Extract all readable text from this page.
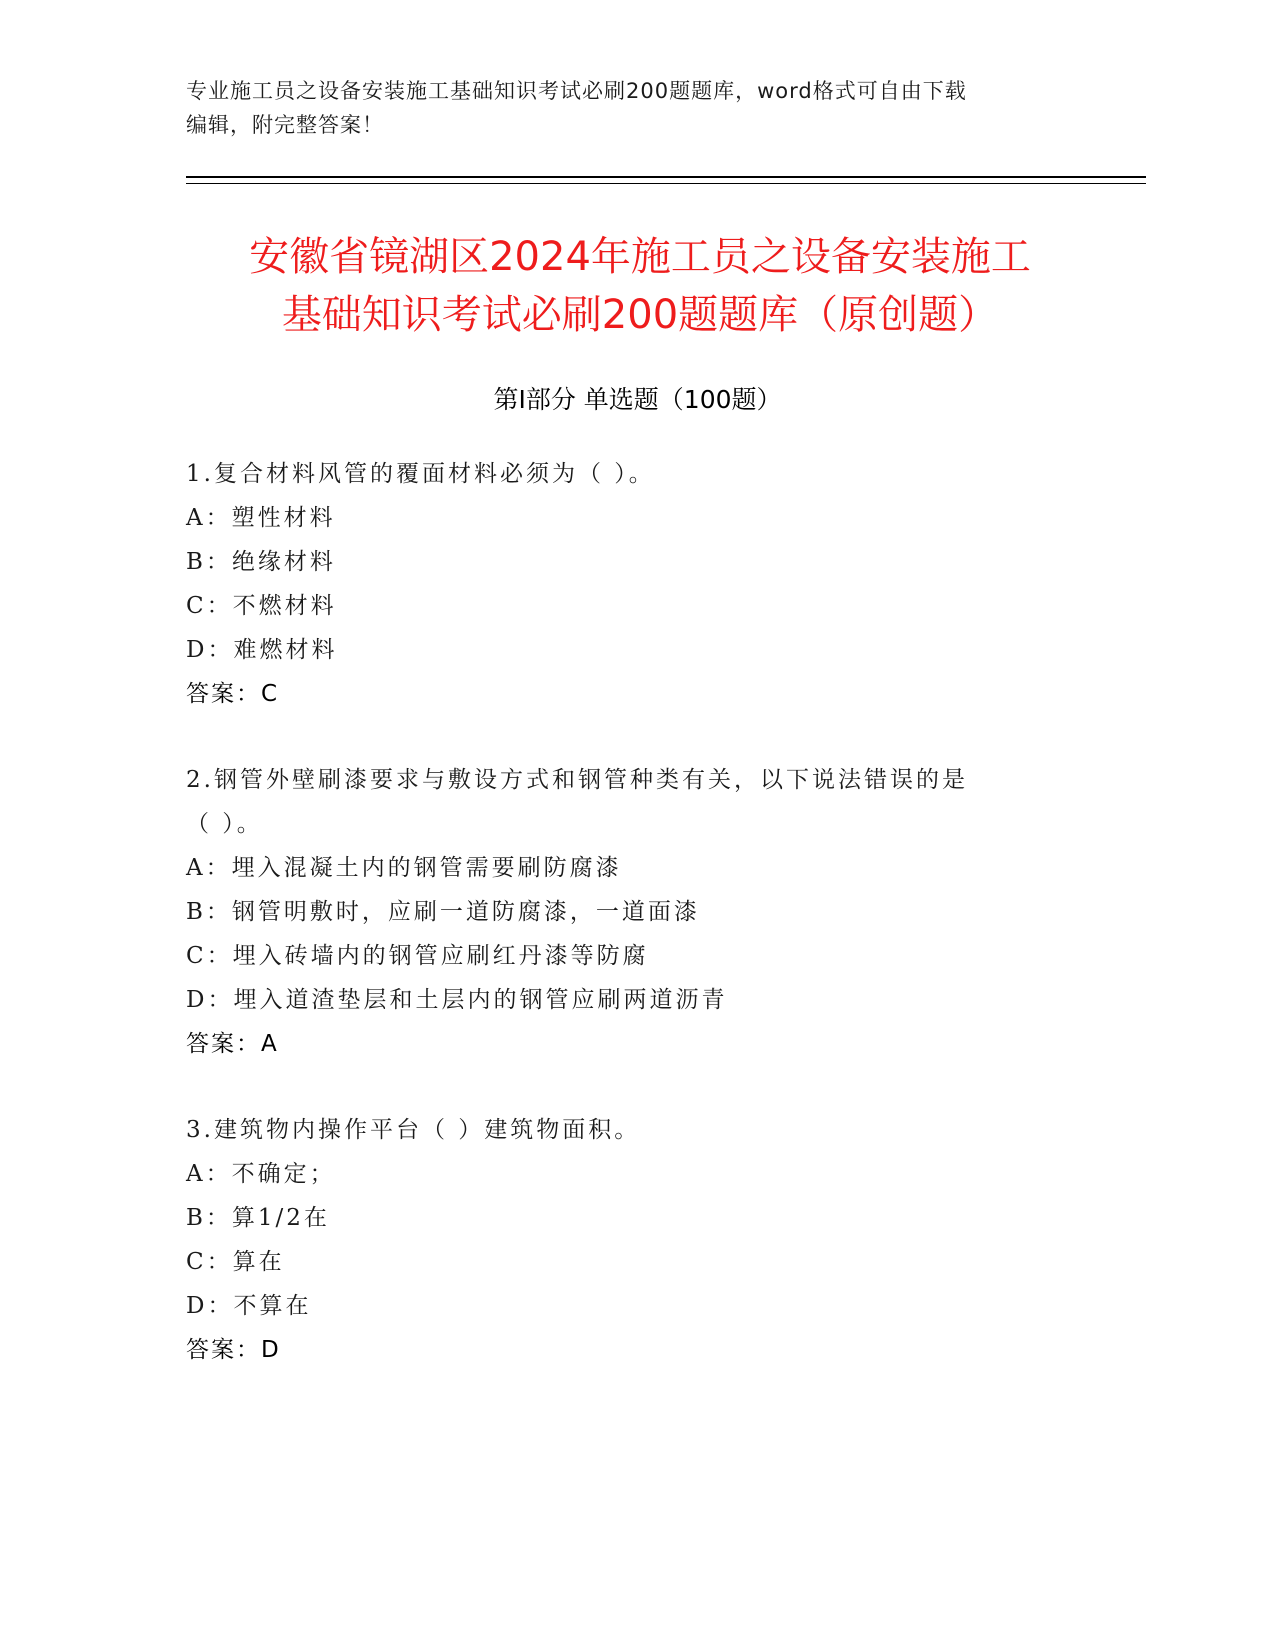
专业施工员之设备安装施工基础知识考试必刷200题题库，word格式可自由下载
编辑，附完整答案！
安徽省镜湖区2024年施工员之设备安装施工
基础知识考试必刷200题题库（原创题）
第Ⅰ部分 单选题（100题）
1.复合材料风管的覆面材料必须为（ ）。
A：塑性材料
B：绝缘材料
C：不燃材料
D：难燃材料
答案：C
2.钢管外壁刷漆要求与敷设方式和钢管种类有关，以下说法错误的是
（ ）。
A：埋入混凝土内的钢管需要刷防腐漆
B：钢管明敷时，应刷一道防腐漆，一道面漆
C：埋入砖墙内的钢管应刷红丹漆等防腐
D：埋入道渣垫层和土层内的钢管应刷两道沥青
答案：A
3.建筑物内操作平台（ ）建筑物面积。
A：不确定；
B：算1/2在
C：算在
D：不算在
答案：D
